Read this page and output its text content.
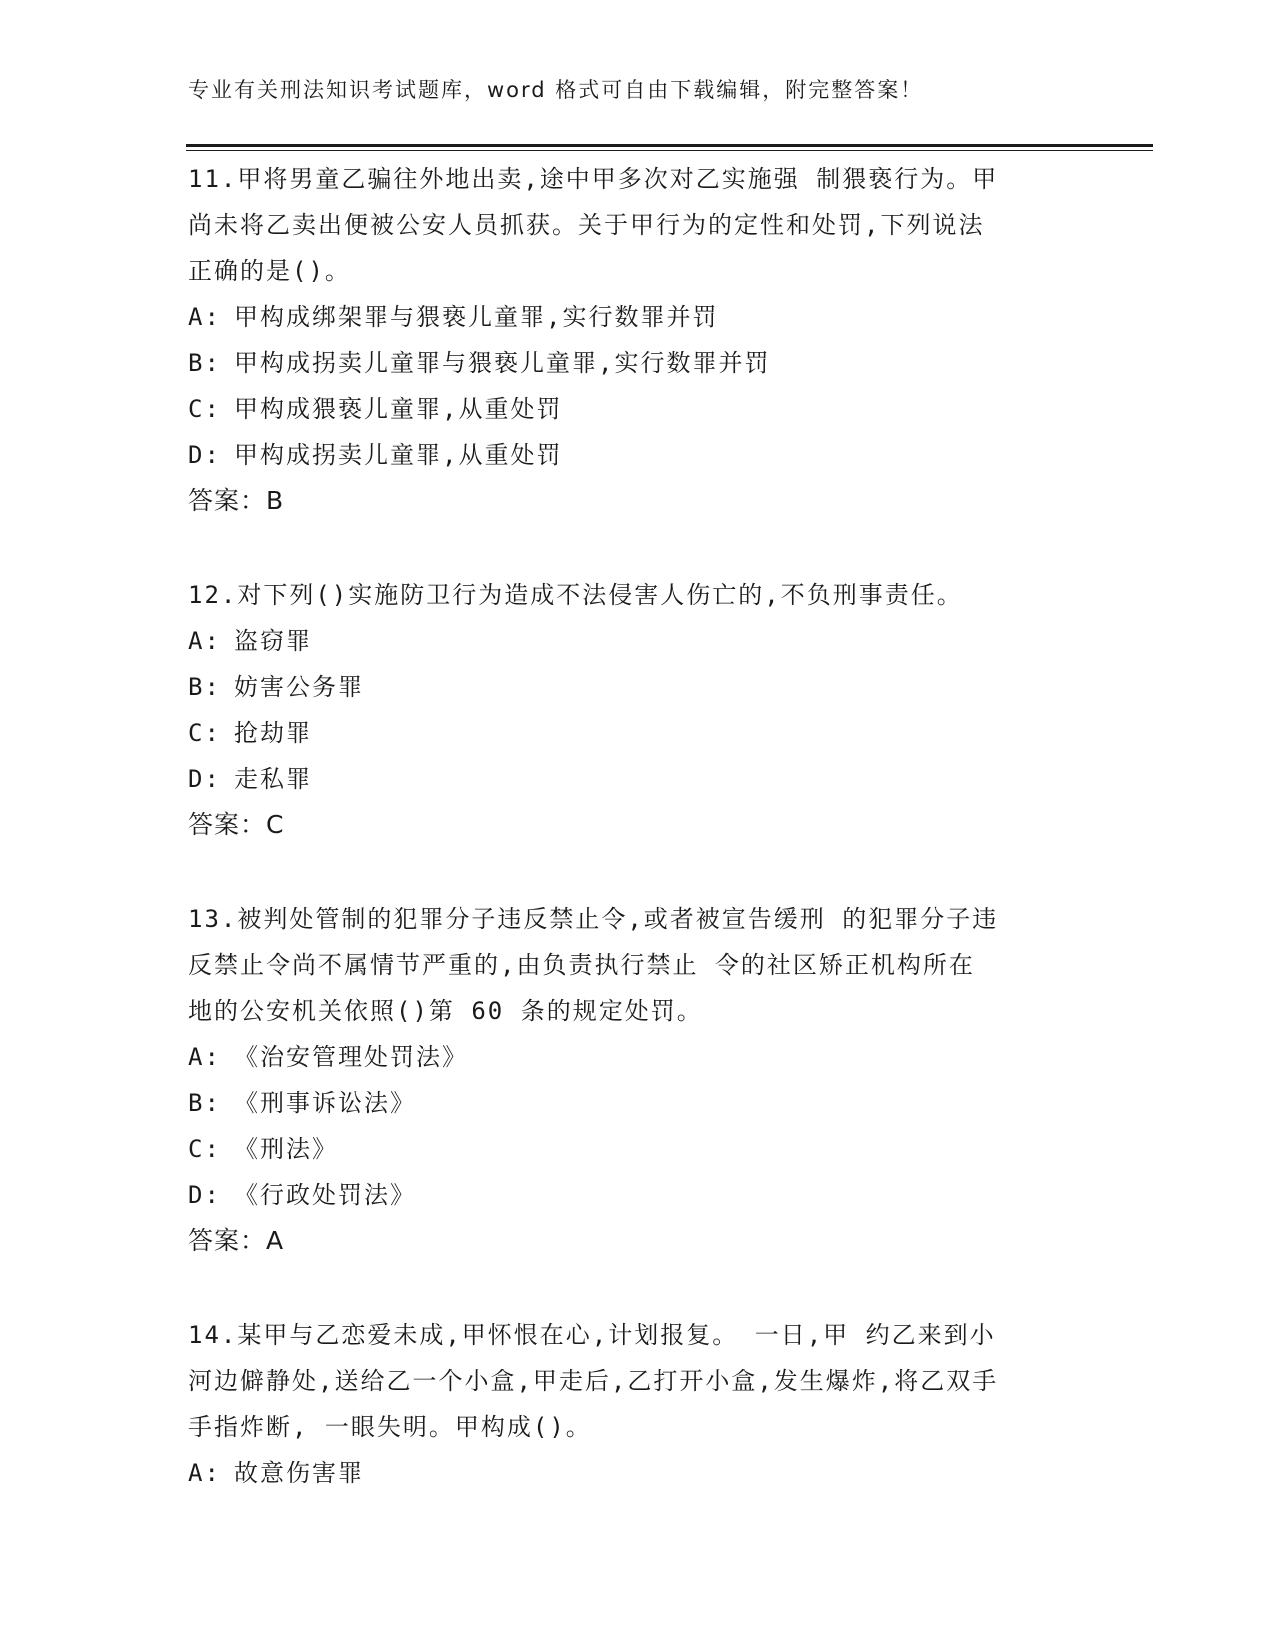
专业有关刑法知识考试题库，word 格式可自由下载编辑，附完整答案！
11.甲将男童乙骗往外地出卖,途中甲多次对乙实施强 制猥亵行为。甲
尚未将乙卖出便被公安人员抓获。关于甲行为的定性和处罚,下列说法
正确的是()。
A: 甲构成绑架罪与猥亵儿童罪,实行数罪并罚
B: 甲构成拐卖儿童罪与猥亵儿童罪,实行数罪并罚
C: 甲构成猥亵儿童罪,从重处罚
D: 甲构成拐卖儿童罪,从重处罚
答案：B
12.对下列()实施防卫行为造成不法侵害人伤亡的,不负刑事责任。
A: 盗窃罪
B: 妨害公务罪
C: 抢劫罪
D: 走私罪
答案：C
13.被判处管制的犯罪分子违反禁止令,或者被宣告缓刑 的犯罪分子违
反禁止令尚不属情节严重的,由负责执行禁止 令的社区矫正机构所在
地的公安机关依照()第 60 条的规定处罚。
A: 《治安管理处罚法》
B: 《刑事诉讼法》
C: 《刑法》
D: 《行政处罚法》
答案：A
14.某甲与乙恋爱未成,甲怀恨在心,计划报复。 一日,甲 约乙来到小
河边僻静处,送给乙一个小盒,甲走后,乙打开小盒,发生爆炸,将乙双手
手指炸断, 一眼失明。甲构成()。
A: 故意伤害罪
